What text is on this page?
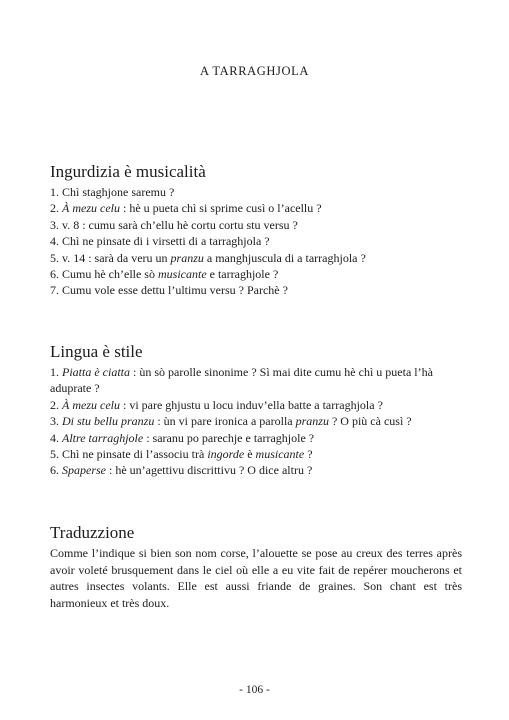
A TARRAGHJOLA
Ingurdizia è musicalità
1. Chì staghjone saremu ?
2. À mezu celu : hè u pueta chì si sprime cusì o l’acellu ?
3. v. 8 : cumu sarà ch’ellu hè cortu cortu stu versu ?
4. Chì ne pinsate di i virsetti di a tarraghjola ?
5. v. 14 : sarà da veru un pranzu a manghjuscula di a tarraghjola ?
6. Cumu hè ch’elle sò musicante e tarraghjole ?
7. Cumu vole esse dettu l’ultimu versu ? Parchè ?
Lingua è stile
1. Piatta è ciatta : ùn sò parolle sinonime ? Sì mai dite cumu hè chì u pueta l’hà adupratе ?
2. À mezu celu : vi pare ghjustu u locu induv’ella batte a tarraghjola ?
3. Di stu bellu pranzu : ùn vi pare ironica a parolla pranzu ? O più cà cusì ?
4. Altre tarraghjole : saranu po parechje e tarraghjole ?
5. Chì ne pinsate di l’associu trà ingorde è musicante ?
6. Spaperse : hè un’agettivu discrittivu ? O dice altru ?
Traduzzione

Comme l’indique si bien son nom corse, l’alouette se pose au creux des terres après avoir voleté brusquement dans le ciel où elle a eu vite fait de repérer moucherons et autres insectes volants. Elle est aussi friande de graines. Son chant est très harmonieux et très doux.

- 106 -
